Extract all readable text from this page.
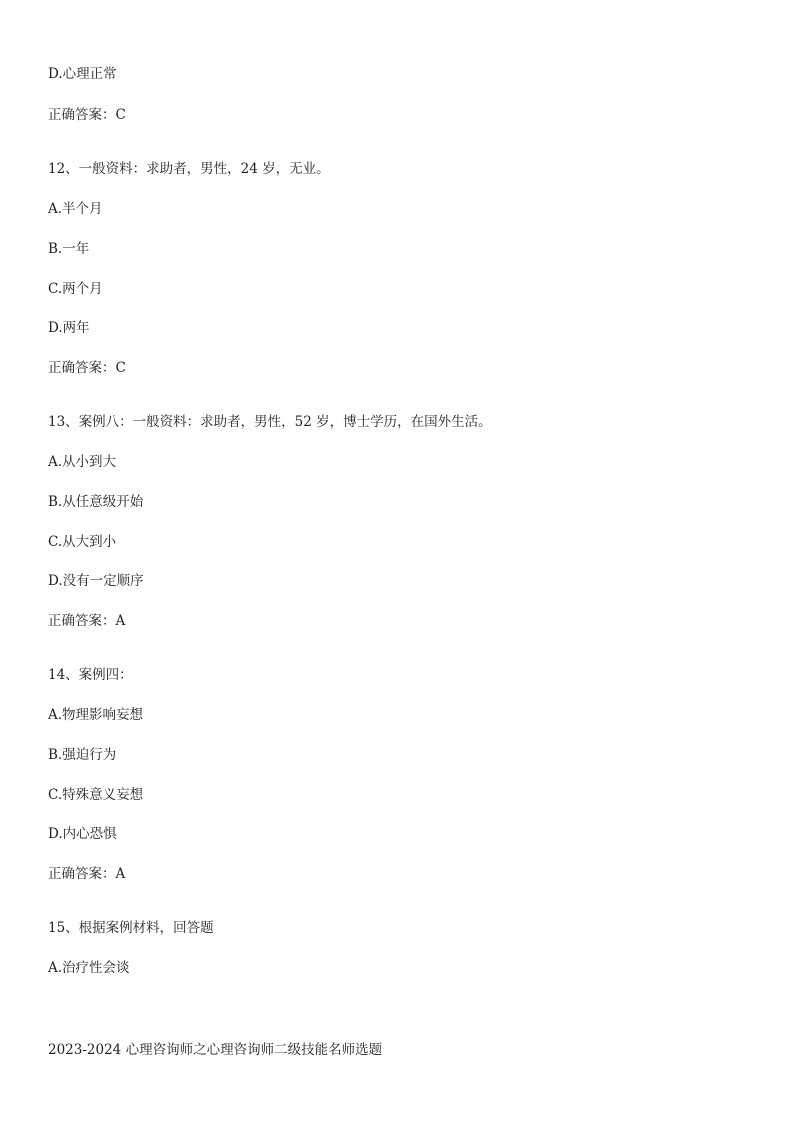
D.心理正常
正确答案：C
12、一般资料：求助者，男性，24 岁，无业。
A.半个月
B.一年
C.两个月
D.两年
正确答案：C
13、案例八：一般资料：求助者，男性，52 岁，博士学历，在国外生活。
A.从小到大
B.从任意级开始
C.从大到小
D.没有一定顺序
正确答案：A
14、案例四：
A.物理影响妄想
B.强迫行为
C.特殊意义妄想
D.内心恐惧
正确答案：A
15、根据案例材料，回答题
A.治疗性会谈
2023-2024 心理咨询师之心理咨询师二级技能名师选题
